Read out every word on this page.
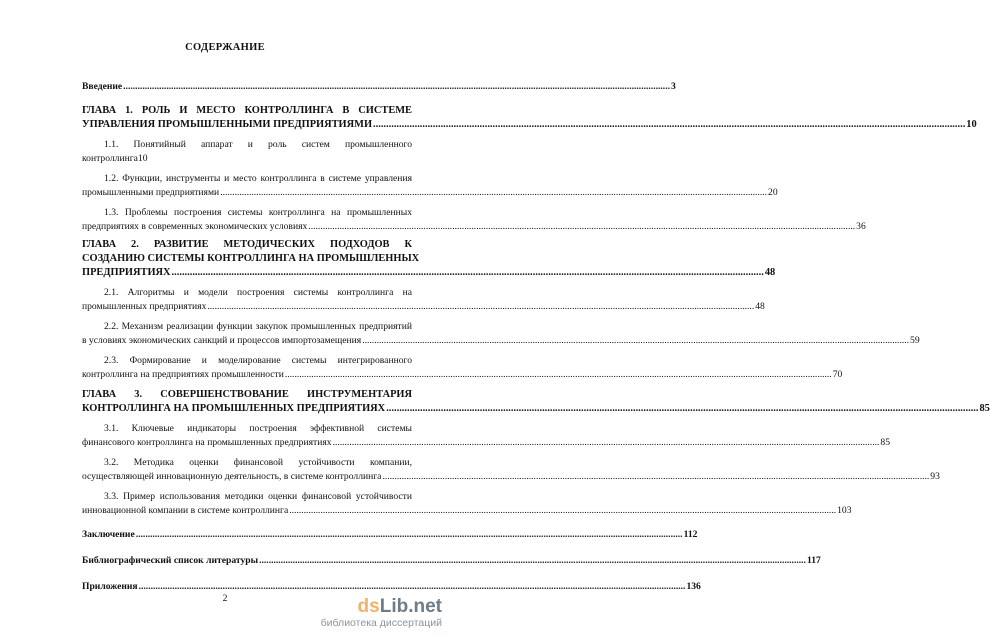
СОДЕРЖАНИЕ
Введение .................................................................................................................................................................................................................................... 3
ГЛАВА 1. РОЛЬ И МЕСТО КОНТРОЛЛИНГА В СИСТЕМЕ
УПРАВЛЕНИЯ ПРОМЫШЛЕННЫМИ ПРЕДПРИЯТИЯМИ .................................................................................................................................................................................................................................... 10
1.1. Понятийный аппарат и роль систем промышленного
контроллинга10
1.2. Функции, инструменты и место контроллинга в системе управления
промышленными предприятиями .................................................................................................................................................................................................................................... 20
1.3. Проблемы построения системы контроллинга на промышленных
предприятиях в современных экономических условиях .................................................................................................................................................................................................................................... 36
ГЛАВА 2. РАЗВИТИЕ МЕТОДИЧЕСКИХ ПОДХОДОВ К
СОЗДАНИЮ СИСТЕМЫ КОНТРОЛЛИНГА НА ПРОМЫШЛЕННЫХ
ПРЕДПРИЯТИЯХ .................................................................................................................................................................................................................................... 48
2.1. Алгоритмы и модели построения системы контроллинга на
промышленных предприятиях .................................................................................................................................................................................................................................... 48
2.2. Механизм реализации функции закупок промышленных предприятий
в условиях экономических санкций и процессов импортозамещения .................................................................................................................................................................................................................................... 59
2.3. Формирование и моделирование системы интегрированного
контроллинга на предприятиях промышленности .................................................................................................................................................................................................................................... 70
ГЛАВА 3. СОВЕРШЕНСТВОВАНИЕ ИНСТРУМЕНТАРИЯ
КОНТРОЛЛИНГА НА ПРОМЫШЛЕННЫХ ПРЕДПРИЯТИЯХ .................................................................................................................................................................................................................................... 85
3.1. Ключевые индикаторы построения эффективной системы
финансового контроллинга на промышленных предприятиях .................................................................................................................................................................................................................................... 85
3.2. Методика оценки финансовой устойчивости компании,
осуществляющей инновационную деятельность, в системе контроллинга .................................................................................................................................................................................................................................... 93
3.3. Пример использования методики оценки финансовой устойчивости
инновационной компании в системе контроллинга .................................................................................................................................................................................................................................... 103
Заключение .................................................................................................................................................................................................................................... 112
Библиографический список литературы .................................................................................................................................................................................................................................... 117
Приложения .................................................................................................................................................................................................................................... 136
2	dsLib.net
библиотека диссертаций
